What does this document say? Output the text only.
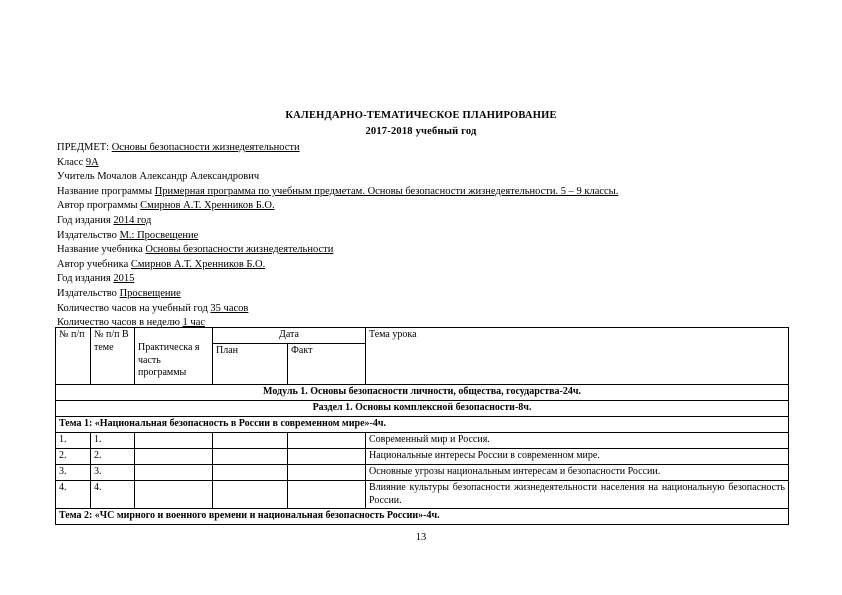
КАЛЕНДАРНО-ТЕМАТИЧЕСКОЕ ПЛАНИРОВАНИЕ
2017-2018 учебный год
ПРЕДМЕТ: Основы безопасности жизнедеятельности
Класс 9А
Учитель Мочалов Александр Александрович
Название программы Примерная программа по учебным предметам. Основы безопасности жизнедеятельности. 5 – 9 классы.
Автор программы Смирнов А.Т. Хренников Б.О.
Год издания 2014 год
Издательство М.: Просвещение
Название учебника Основы безопасности жизнедеятельности
Автор учебника Смирнов А.Т. Хренников Б.О.
Год издания 2015
Издательство Просвещение
Количество часов на учебный год 35 часов
Количество часов в неделю 1 час
№ п/п	№ п/п В теме	Практическа я часть программы	Дата		Тема урока
			План	Факт	
Модуль 1. Основы безопасности личности, общества, государства-24ч.					
Раздел 1. Основы комплексной безопасности-8ч.					
Тема 1: «Национальная безопасность в России в современном мире»-4ч.					
1.	1.				Современный мир и Россия.
2.	2.				Национальные интересы России в современном мире.
3.	3.				Основные угрозы национальным интересам и безопасности России.
4.	4.				Влияние культуры безопасности жизнедеятельности населения на национальную безопасность России.
Тема 2: «ЧС мирного и военного времени и национальная безопасность России»-4ч.					
13
